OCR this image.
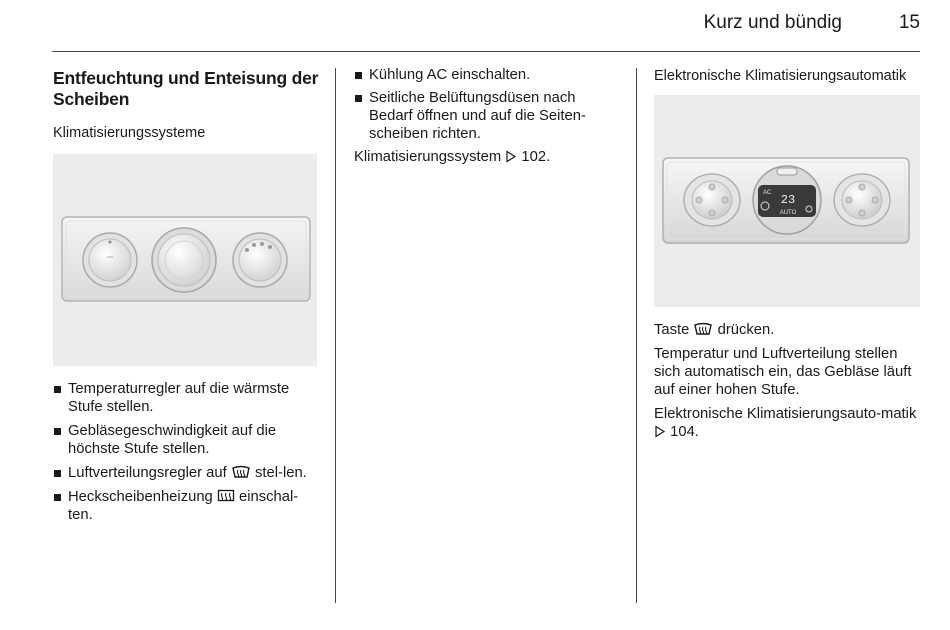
Kurz und bündig	15
Entfeuchtung und Enteisung der Scheiben
Klimatisierungssysteme
Temperaturregler auf die wärmste Stufe stellen.
Gebläsegeschwindigkeit auf die höchste Stufe stellen.
Luftverteilungsregler auf  stel-len.
Heckscheibenheizung  einschal-ten.
Kühlung AC einschalten.
Seitliche Belüftungsdüsen nach Bedarf öffnen und auf die Seiten-scheiben richten.
Klimatisierungssystem  102.
Elektronische Klimatisierungsautomatik
AC 23
AUTO
Taste  drücken.
Temperatur und Luftverteilung stellen sich automatisch ein, das Gebläse läuft auf einer hohen Stufe.
Elektronische Klimatisierungsauto-matik  104.
